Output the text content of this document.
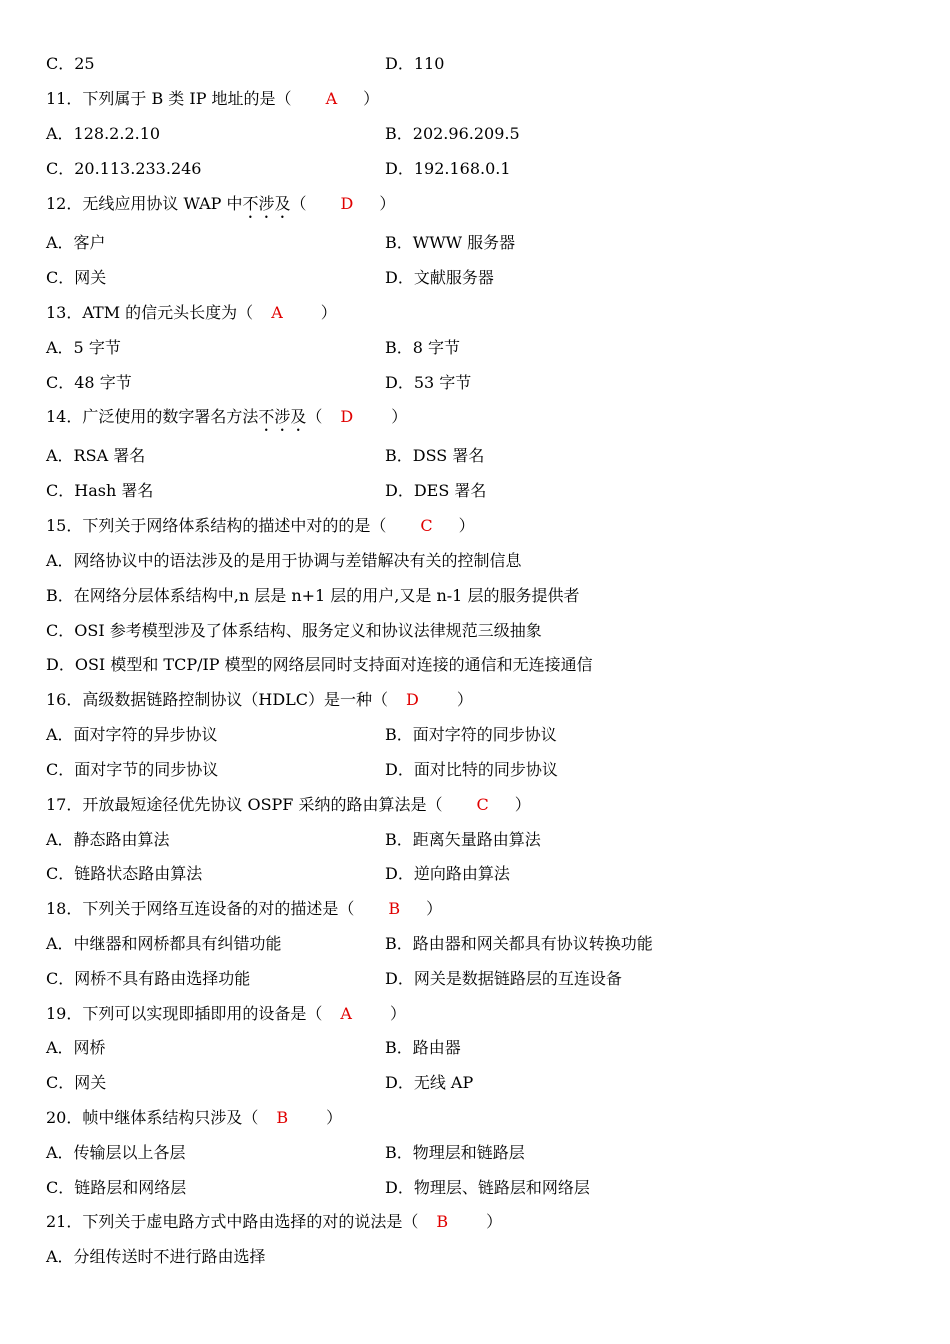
C．25	D．110
11．下列属于 B 类 IP 地址的是（ A ）
A．128.2.2.10	B．202.96.209.5
C．20.113.233.246	D．192.168.0.1
12．无线应用协议 WAP 中不涉及（ D ）
A．客户	B．WWW 服务器
C．网关	D．文献服务器
13．ATM 的信元头长度为（ A ）
A．5 字节	B．8 字节
C．48 字节	D．53 字节
14．广泛使用的数字署名方法不涉及（ D ）
A．RSA 署名	B．DSS 署名
C．Hash 署名	D．DES 署名
15．下列关于网络体系结构的描述中对的的是（ C ）
A．网络协议中的语法涉及的是用于协调与差错解决有关的控制信息
B．在网络分层体系结构中,n 层是 n+1 层的用户,又是 n-1 层的服务提供者
C．OSI 参考模型涉及了体系结构、服务定义和协议法律规范三级抽象
D．OSI 模型和 TCP/IP 模型的网络层同时支持面对连接的通信和无连接通信
16．高级数据链路控制协议（HDLC）是一种（ D ）
A．面对字符的异步协议	B．面对字符的同步协议
C．面对字节的同步协议	D．面对比特的同步协议
17．开放最短途径优先协议 OSPF 采纳的路由算法是（ C ）
A．静态路由算法	B．距离矢量路由算法
C．链路状态路由算法	D．逆向路由算法
18．下列关于网络互连设备的对的描述是（ B ）
A．中继器和网桥都具有纠错功能	B．路由器和网关都具有协议转换功能
C．网桥不具有路由选择功能	D．网关是数据链路层的互连设备
19．下列可以实现即插即用的设备是（ A ）
A．网桥	B．路由器
C．网关	D．无线 AP
20．帧中继体系结构只涉及（ B ）
A．传输层以上各层	B．物理层和链路层
C．链路层和网络层	D．物理层、链路层和网络层
21．下列关于虚电路方式中路由选择的对的说法是（ B ）
A．分组传送时不进行路由选择
